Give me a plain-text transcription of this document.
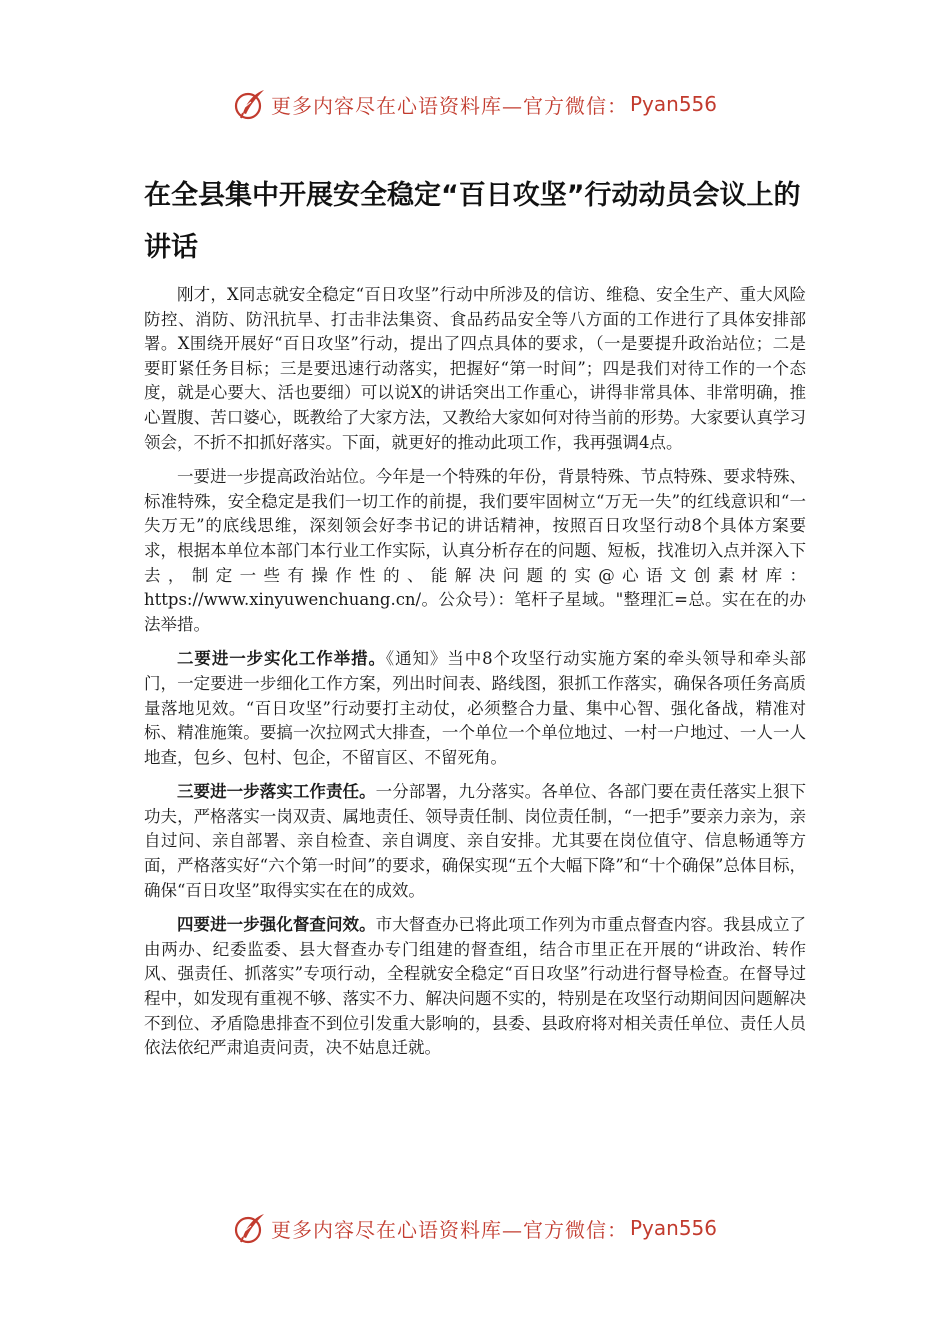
更多内容尽在心语资料库—官方微信： Pyan556
在全县集中开展安全稳定“百日攻坚”行动动员会议上的讲话

刚才，X同志就安全稳定“百日攻坚”行动中所涉及的信访、维稳、安全生产、重大风险防控、消防、防汛抗旱、打击非法集资、食品药品安全等八方面的工作进行了具体安排部署。X围绕开展好“百日攻坚”行动，提出了四点具体的要求，（一是要提升政治站位；二是要盯紧任务目标；三是要迅速行动落实，把握好“第一时间”；四是我们对待工作的一个态度，就是心要大、活也要细）可以说X的讲话突出工作重心，讲得非常具体、非常明确，推心置腹、苦口婆心，既教给了大家方法，又教给大家如何对待当前的形势。大家要认真学习领会，不折不扣抓好落实。下面，就更好的推动此项工作，我再强调4点。

一要进一步提高政治站位。今年是一个特殊的年份，背景特殊、节点特殊、要求特殊、标准特殊，安全稳定是我们一切工作的前提，我们要牢固树立“万无一失”的红线意识和“一失万无”的底线思维，深刻领会好李书记的讲话精神，按照百日攻坚行动8个具体方案要求，根据本单位本部门本行业工作实际，认真分析存在的问题、短板，找准切入点并深入下去，制定一些有操作性的、能解决问题的实@心语文创素材库：https://www.xinyuwenchuang.cn/。公众号）：笔杆子星域。"整理汇=总。实在在的办法举措。

二要进一步实化工作举措。《通知》当中8个攻坚行动实施方案的牵头领导和牵头部门，一定要进一步细化工作方案，列出时间表、路线图，狠抓工作落实，确保各项任务高质量落地见效。“百日攻坚”行动要打主动仗，必须整合力量、集中心智、强化备战，精准对标、精准施策。要搞一次拉网式大排查，一个单位一个单位地过、一村一户地过、一人一人地查，包乡、包村、包企，不留盲区、不留死角。

三要进一步落实工作责任。一分部署，九分落实。各单位、各部门要在责任落实上狠下功夫，严格落实一岗双责、属地责任、领导责任制、岗位责任制，“一把手”要亲力亲为，亲自过问、亲自部署、亲自检查、亲自调度、亲自安排。尤其要在岗位值守、信息畅通等方面，严格落实好“六个第一时间”的要求，确保实现“五个大幅下降”和“十个确保”总体目标，确保“百日攻坚”取得实实在在的成效。

四要进一步强化督查问效。市大督查办已将此项工作列为市重点督查内容。我县成立了由两办、纪委监委、县大督查办专门组建的督查组，结合市里正在开展的“讲政治、转作风、强责任、抓落实”专项行动，全程就安全稳定“百日攻坚”行动进行督导检查。在督导过程中，如发现有重视不够、落实不力、解决问题不实的，特别是在攻坚行动期间因问题解决不到位、矛盾隐患排查不到位引发重大影响的，县委、县政府将对相关责任单位、责任人员依法依纪严肃追责问责，决不姑息迁就。

更多内容尽在心语资料库—官方微信： Pyan556
